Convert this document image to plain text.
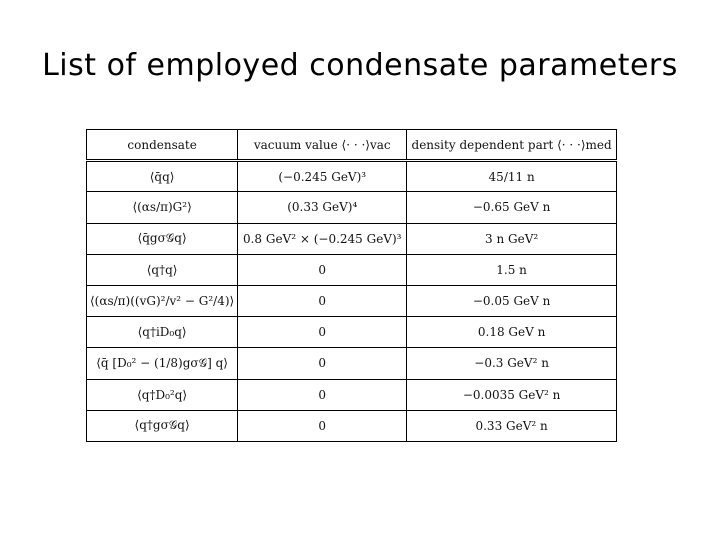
List of employed condensate parameters
condensate	vacuum value ⟨· · ·⟩vac	density dependent part ⟨· · ·⟩med
⟨q̄q⟩	(−0.245 GeV)³	45/11 n
⟨(αs/π)G²⟩	(0.33 GeV)⁴	−0.65 GeV n
⟨q̄gσ𝒢q⟩	0.8 GeV² × (−0.245 GeV)³	3 n GeV²
⟨q†q⟩	0	1.5 n
⟨(αs/π)((vG)²/v² − G²/4)⟩	0	−0.05 GeV n
⟨q†iD₀q⟩	0	0.18 GeV n
⟨q̄ [D₀² − (1/8)gσ𝒢] q⟩	0	−0.3 GeV² n
⟨q†D₀²q⟩	0	−0.0035 GeV² n
⟨q†gσ𝒢q⟩	0	0.33 GeV² n
